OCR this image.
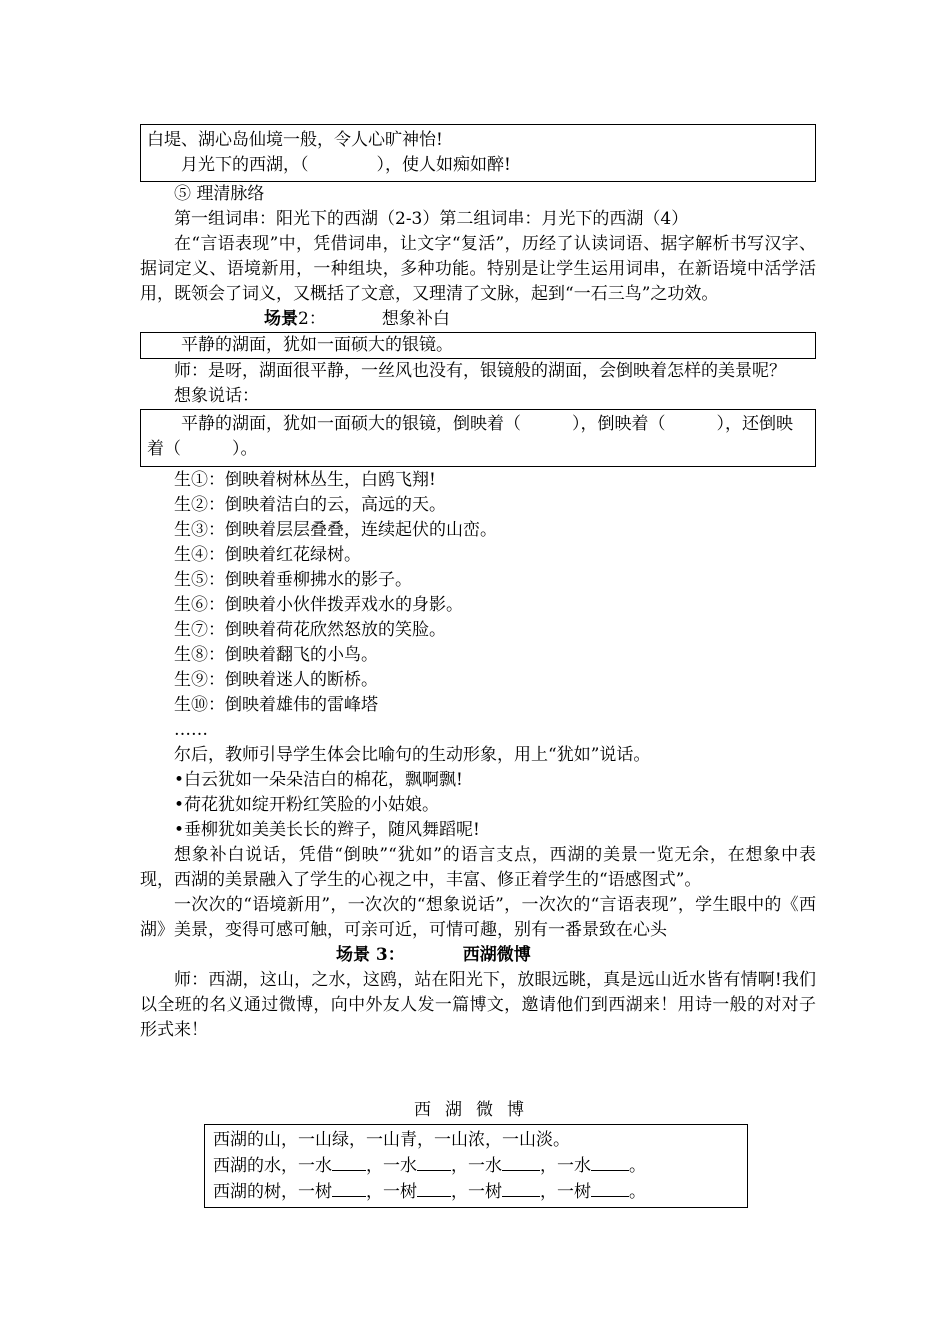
白堤、湖心岛仙境一般，令人心旷神怡!
月光下的西湖，（　　　　），使人如痴如醉!
⑤ 理清脉络
第一组词串：阳光下的西湖（2-3）第二组词串：月光下的西湖（4）
在“言语表现”中，凭借词串，让文字“复活”，历经了认读词语、据字解析书写汉字、据词定义、语境新用，一种组块，多种功能。特别是让学生运用词串，在新语境中活学活用，既领会了词义，又概括了文意，又理清了文脉，起到“一石三鸟”之功效。
场景2：	想象补白
平静的湖面，犹如一面硕大的银镜。
师：是呀，湖面很平静，一丝风也没有，银镜般的湖面，会倒映着怎样的美景呢？
想象说话：
平静的湖面，犹如一面硕大的银镜，倒映着（　　　），倒映着（　　　），还倒映着（　　　）。
生①：倒映着树林丛生，白鸥飞翔!
生②：倒映着洁白的云，高远的天。
生③：倒映着层层叠叠，连续起伏的山峦。
生④：倒映着红花绿树。
生⑤：倒映着垂柳拂水的影子。
生⑥：倒映着小伙伴拨弄戏水的身影。
生⑦：倒映着荷花欣然怒放的笑脸。
生⑧：倒映着翻飞的小鸟。
生⑨：倒映着迷人的断桥。
生⑩：倒映着雄伟的雷峰塔
……
尔后，教师引导学生体会比喻句的生动形象，用上“犹如”说话。
•白云犹如一朵朵洁白的棉花，飘啊飘!
•荷花犹如绽开粉红笑脸的小姑娘。
•垂柳犹如美美长长的辫子，随风舞蹈呢!
想象补白说话，凭借“倒映”“犹如”的语言支点，西湖的美景一览无余，在想象中表现，西湖的美景融入了学生的心视之中，丰富、修正着学生的“语感图式”。
一次次的“语境新用”，一次次的“想象说话”，一次次的“言语表现”，学生眼中的《西湖》美景，变得可感可触，可亲可近，可情可趣，别有一番景致在心头
场景 3：	西湖微博
师：西湖，这山，之水，这鸥，站在阳光下，放眼远眺，真是远山近水皆有情啊!我们以全班的名义通过微博，向中外友人发一篇博文，邀请他们到西湖来！用诗一般的对对子形式来！
西湖微博
西湖的山，一山绿，一山青，一山浓，一山淡。
西湖的水，一水 ，一水 ，一水 ，一水 。
西湖的树，一树 ，一树 ，一树 ，一树 。
